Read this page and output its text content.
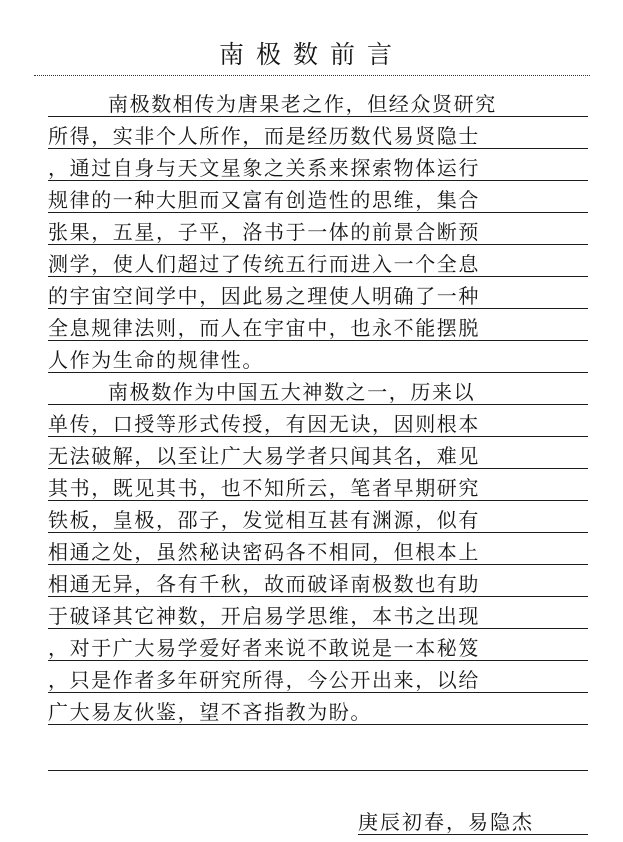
南极数前言
南极数相传为唐果老之作，但经众贤研究
所得，实非个人所作，而是经历数代易贤隐士
，通过自身与天文星象之关系来探索物体运行
规律的一种大胆而又富有创造性的思维，集合
张果，五星，子平，洛书于一体的前景合断预
测学，使人们超过了传统五行而进入一个全息
的宇宙空间学中，因此易之理使人明确了一种
全息规律法则，而人在宇宙中，也永不能摆脱
人作为生命的规律性。
南极数作为中国五大神数之一，历来以
单传，口授等形式传授，有因无诀，因则根本
无法破解，以至让广大易学者只闻其名，难见
其书，既见其书，也不知所云，笔者早期研究
铁板，皇极，邵子，发觉相互甚有渊源，似有
相通之处，虽然秘诀密码各不相同，但根本上
相通无异，各有千秋，故而破译南极数也有助
于破译其它神数，开启易学思维，本书之出现
，对于广大易学爱好者来说不敢说是一本秘笈
，只是作者多年研究所得，今公开出来，以给
广大易友伙鉴，望不吝指教为盼。
庚辰初春，易隐杰
